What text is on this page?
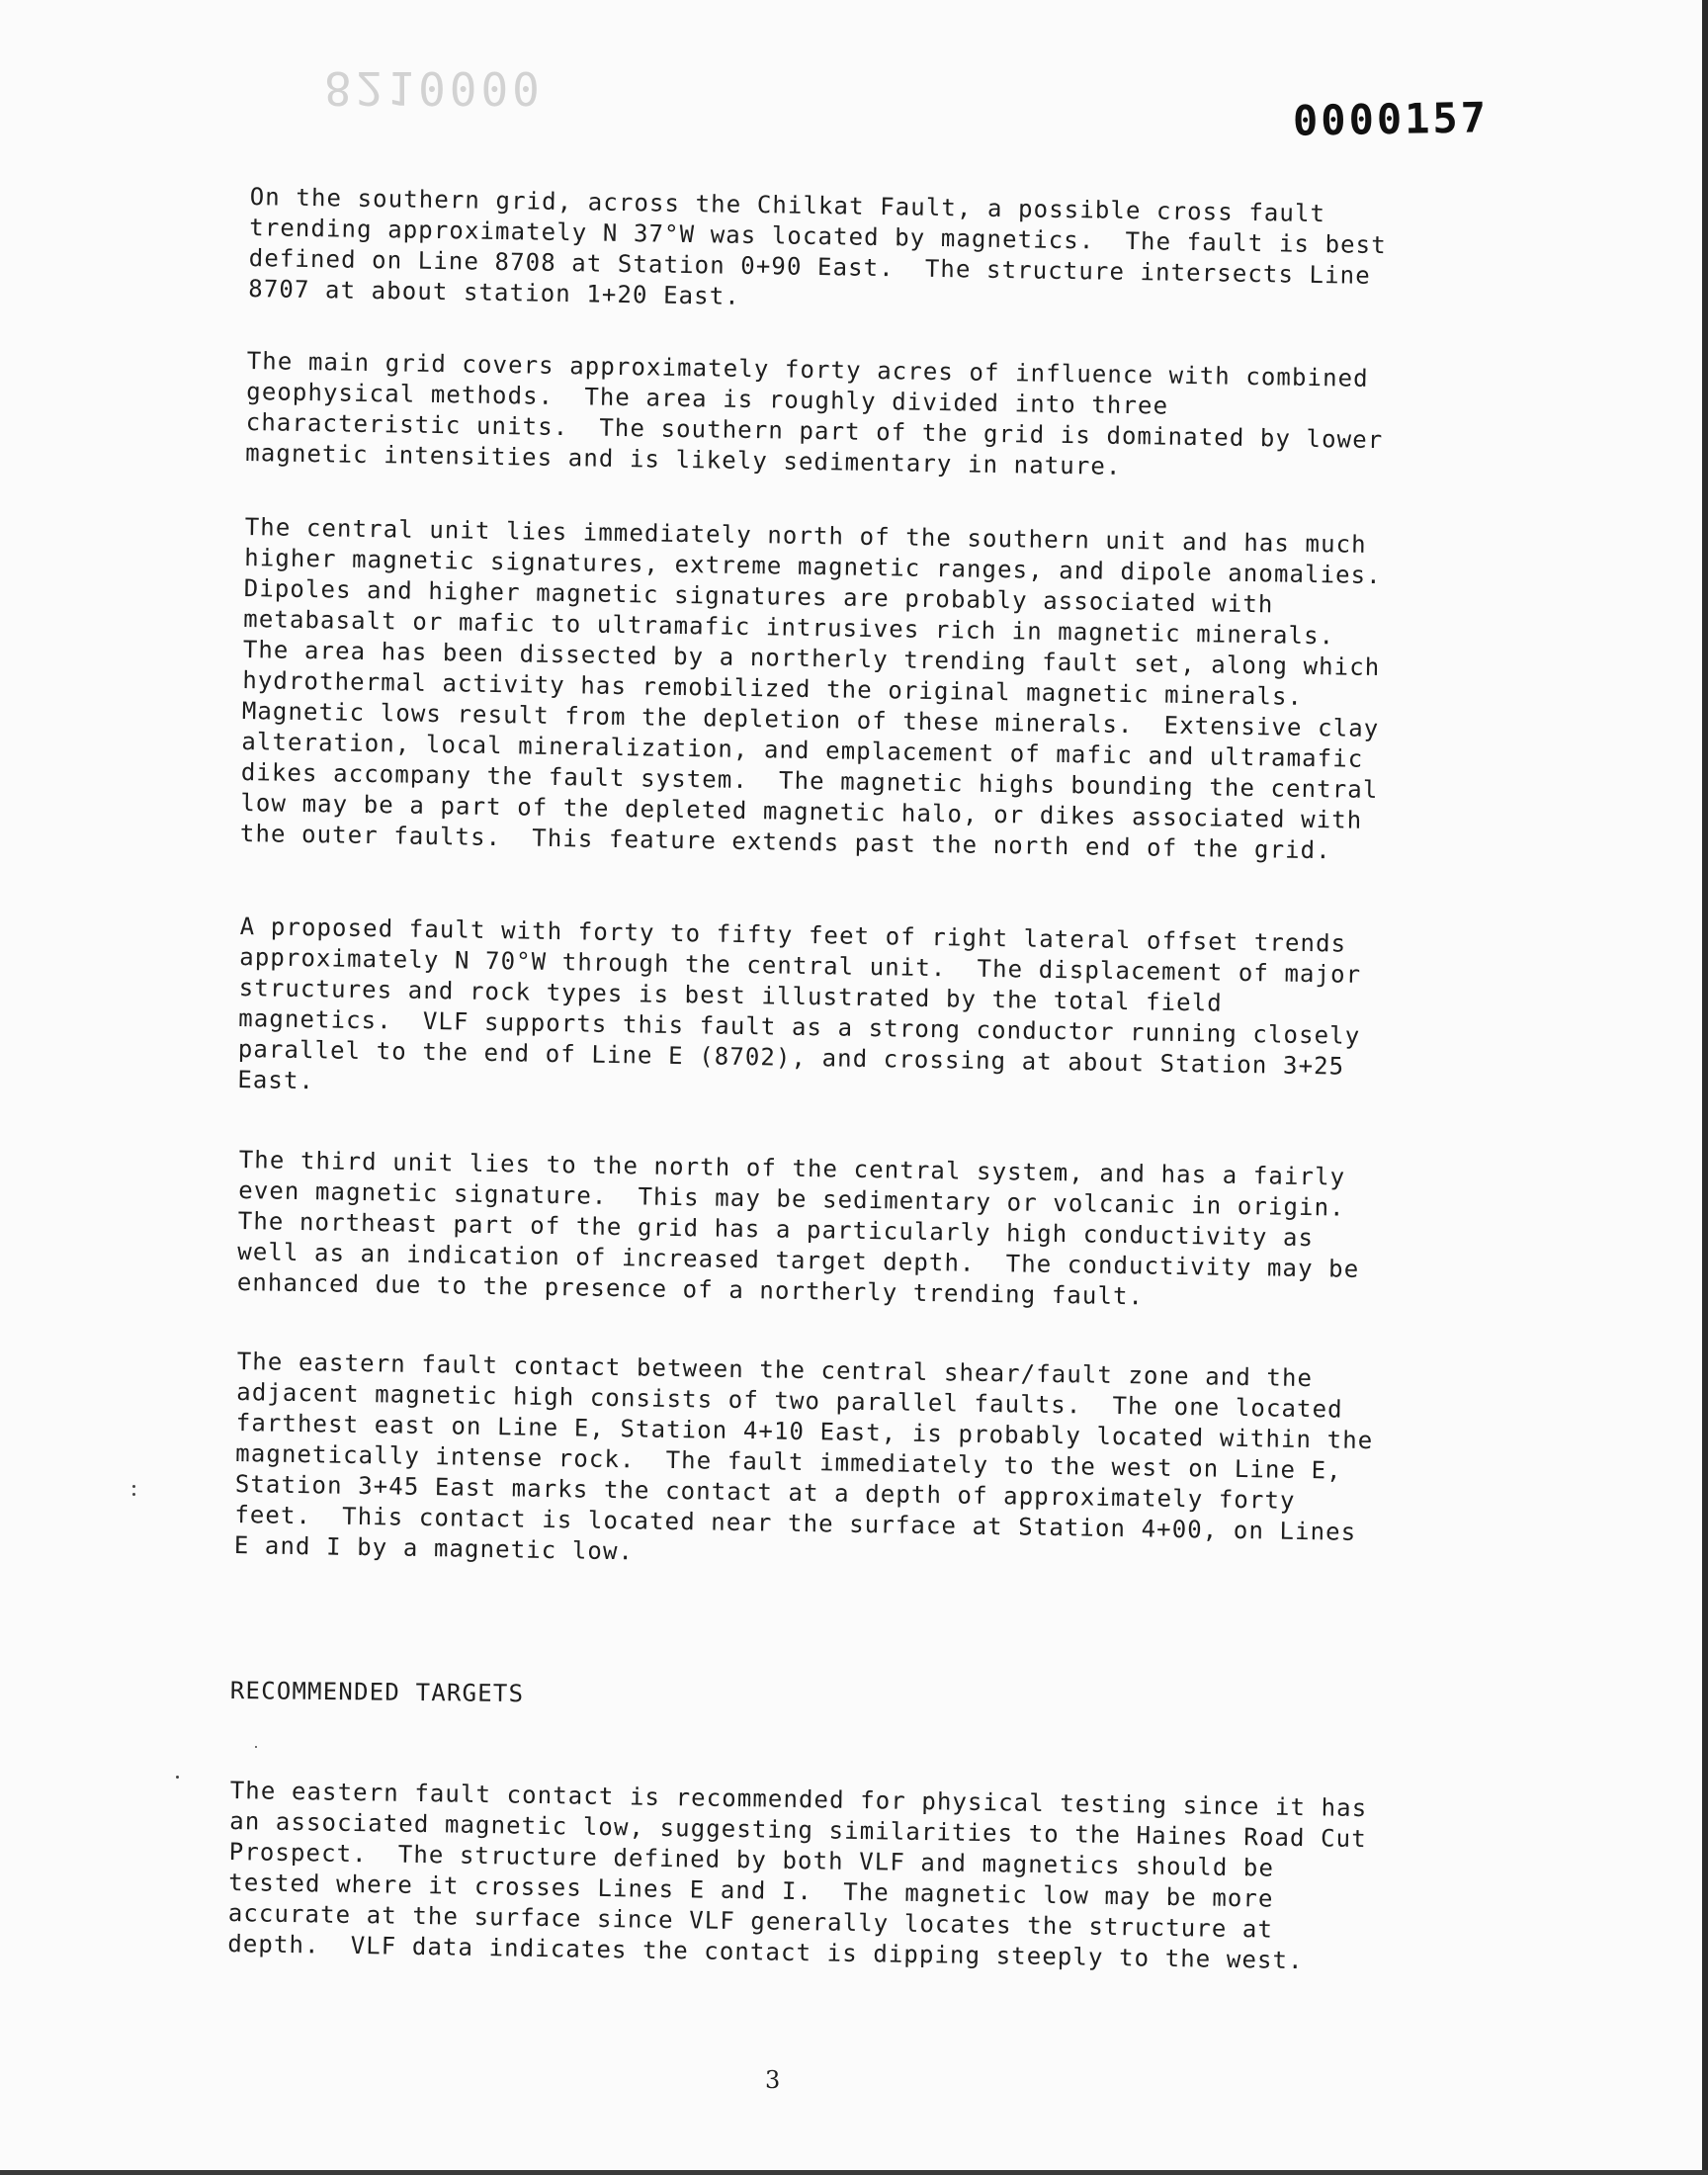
8210000
0000157

On the southern grid, across the Chilkat Fault, a possible cross fault
trending approximately N 37°W was located by magnetics.  The fault is best
defined on Line 8708 at Station 0+90 East.  The structure intersects Line
8707 at about station 1+20 East.

The main grid covers approximately forty acres of influence with combined
geophysical methods.  The area is roughly divided into three
characteristic units.  The southern part of the grid is dominated by lower
magnetic intensities and is likely sedimentary in nature.

The central unit lies immediately north of the southern unit and has much
higher magnetic signatures, extreme magnetic ranges, and dipole anomalies.
Dipoles and higher magnetic signatures are probably associated with
metabasalt or mafic to ultramafic intrusives rich in magnetic minerals.
The area has been dissected by a northerly trending fault set, along which
hydrothermal activity has remobilized the original magnetic minerals.
Magnetic lows result from the depletion of these minerals.  Extensive clay
alteration, local mineralization, and emplacement of mafic and ultramafic
dikes accompany the fault system.  The magnetic highs bounding the central
low may be a part of the depleted magnetic halo, or dikes associated with
the outer faults.  This feature extends past the north end of the grid.

A proposed fault with forty to fifty feet of right lateral offset trends
approximately N 70°W through the central unit.  The displacement of major
structures and rock types is best illustrated by the total field
magnetics.  VLF supports this fault as a strong conductor running closely
parallel to the end of Line E (8702), and crossing at about Station 3+25
East.

The third unit lies to the north of the central system, and has a fairly
even magnetic signature.  This may be sedimentary or volcanic in origin.
The northeast part of the grid has a particularly high conductivity as
well as an indication of increased target depth.  The conductivity may be
enhanced due to the presence of a northerly trending fault.

The eastern fault contact between the central shear/fault zone and the
adjacent magnetic high consists of two parallel faults.  The one located
farthest east on Line E, Station 4+10 East, is probably located within the
magnetically intense rock.  The fault immediately to the west on Line E,
Station 3+45 East marks the contact at a depth of approximately forty
feet.  This contact is located near the surface at Station 4+00, on Lines
E and I by a magnetic low.

RECOMMENDED TARGETS

The eastern fault contact is recommended for physical testing since it has
an associated magnetic low, suggesting similarities to the Haines Road Cut
Prospect.  The structure defined by both VLF and magnetics should be
tested where it crosses Lines E and I.  The magnetic low may be more
accurate at the surface since VLF generally locates the structure at
depth.  VLF data indicates the contact is dipping steeply to the west.

3
